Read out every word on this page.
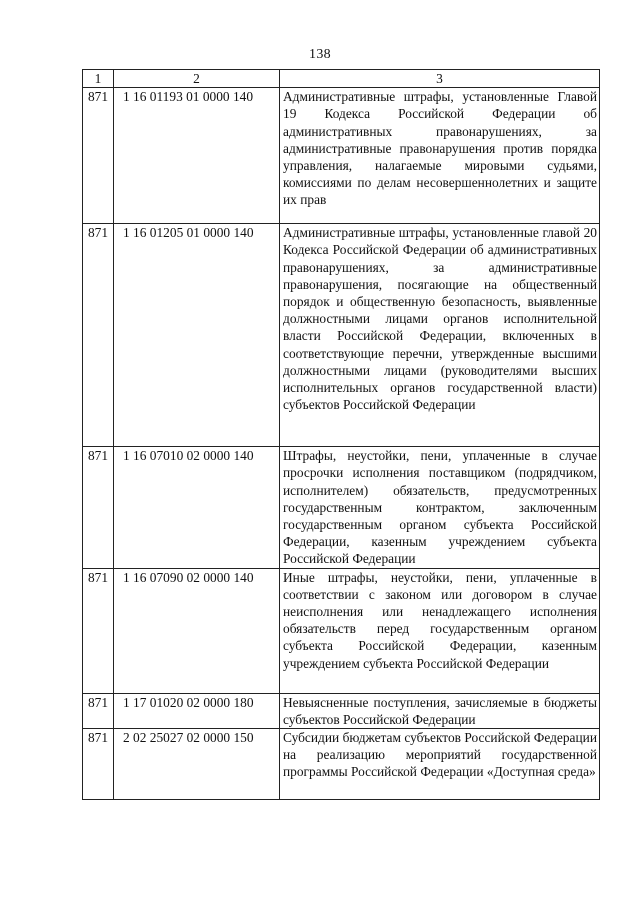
138
1	2	3
871	1 16 01193 01 0000 140	Административные штрафы, установленные Главой 19 Кодекса Российской Федерации об административных правонарушениях, за административные правонарушения против порядка управления, налагаемые мировыми судьями, комиссиями по делам несовершеннолетних и защите их прав
871	1 16 01205 01 0000 140	Административные штрафы, установленные главой 20 Кодекса Российской Федерации об административных правонарушениях, за административные правонарушения, посягающие на общественный порядок и общественную безопасность, выявленные должностными лицами органов исполнительной власти Российской Федерации, включенных в соответствующие перечни, утвержденные высшими должностными лицами (руководителями высших исполнительных органов государственной власти) субъектов Российской Федерации
871	1 16 07010 02 0000 140	Штрафы, неустойки, пени, уплаченные в случае просрочки исполнения поставщиком (подрядчиком, исполнителем) обязательств, предусмотренных государственным контрактом, заключенным государственным органом субъекта Российской Федерации, казенным учреждением субъекта Российской Федерации
871	1 16 07090 02 0000 140	Иные штрафы, неустойки, пени, уплаченные в соответствии с законом или договором в случае неисполнения или ненадлежащего исполнения обязательств перед государственным органом субъекта Российской Федерации, казенным учреждением субъекта Российской Федерации
871	1 17 01020 02 0000 180	Невыясненные поступления, зачисляемые в бюджеты субъектов Российской Федерации
871	2 02 25027 02 0000 150	Субсидии бюджетам субъектов Российской Федерации на реализацию мероприятий государственной программы Российской Федерации «Доступная среда»
